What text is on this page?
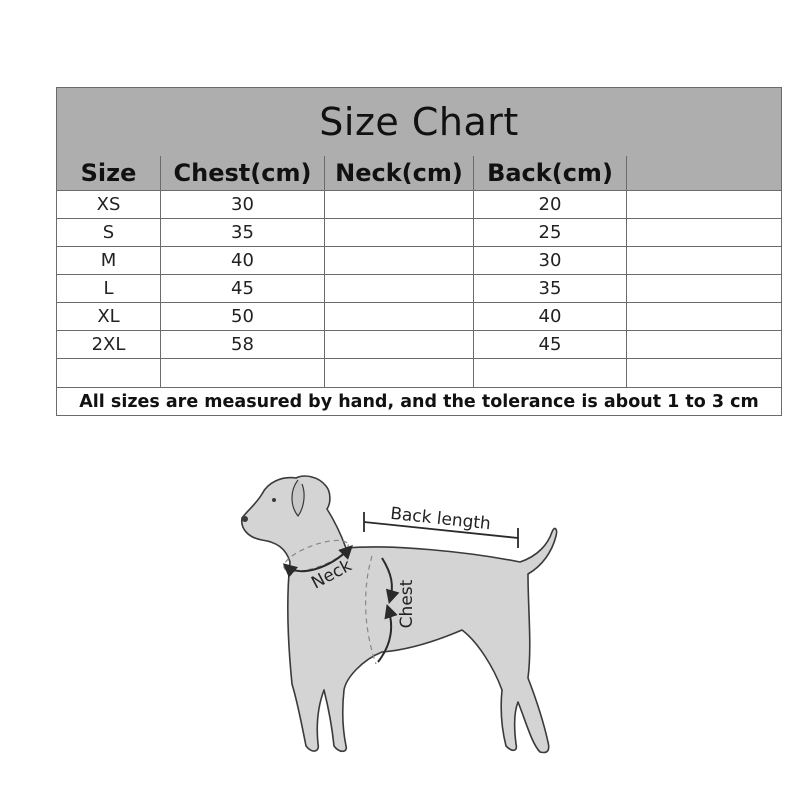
Size Chart				
Size	Chest(cm)	Neck(cm)	Back(cm)	
XS	30		20	
S	35		25	
M	40		30	
L	45		35	
XL	50		40	
2XL	58		45	

All sizes are measured by hand, and the tolerance is about 1 to 3 cm				
Neck
Chest
Back length
